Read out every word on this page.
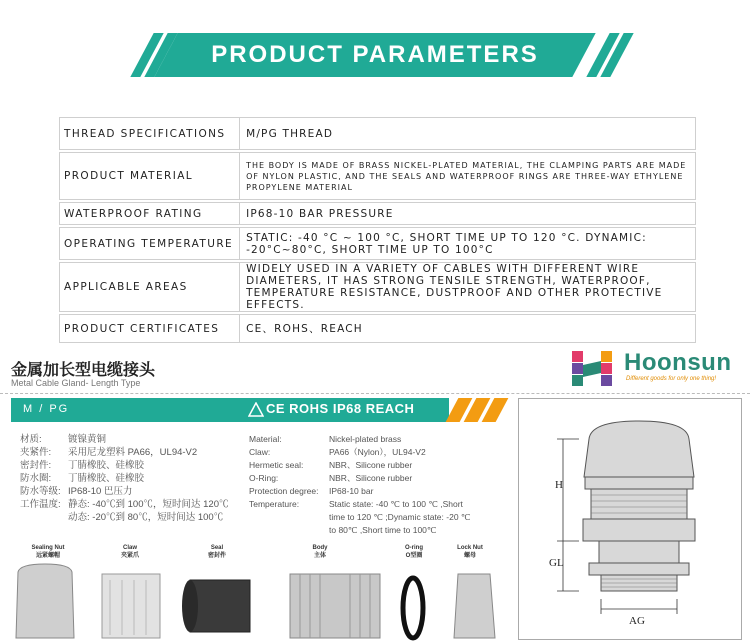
PRODUCT PARAMETERS
THREAD SPECIFICATIONS	M/PG THREAD

PRODUCT MATERIAL	THE BODY IS MADE OF BRASS NICKEL-PLATED MATERIAL, THE CLAMPING PARTS ARE MADE OF NYLON PLASTIC, AND THE SEALS AND WATERPROOF RINGS ARE THREE-WAY ETHYLENE PROPYLENE MATERIAL

WATERPROOF RATING	IP68-10 BAR PRESSURE

OPERATING TEMPERATURE	STATIC: -40 °C ~ 100 °C, SHORT TIME UP TO 120 °C. DYNAMIC: -20°C~80°C, SHORT TIME UP TO 100°C

APPLICABLE AREAS	WIDELY USED IN A VARIETY OF CABLES WITH DIFFERENT WIRE DIAMETERS, IT HAS STRONG TENSILE STRENGTH, WATERPROOF, TEMPERATURE RESISTANCE, DUSTPROOF AND OTHER PROTECTIVE EFFECTS.

PRODUCT CERTIFICATES	CE、ROHS、REACH
金属加长型电缆接头
Metal Cable Gland- Length Type
Hoonsun
Different goods for only one thing!
M / PG	CE ROHS IP68 REACH
材质:	镀镍黄铜
夹紧件: 采用尼龙塑料 PA66，UL94-V2
密封件: 丁腈橡胶、硅橡胶
防水圈: 丁腈橡胶、硅橡胶
防水等级: IP68-10 巴压力
工作温度: 静态: -40℃到 100℃，短时间达 120℃
动态: -20℃到 80℃，短时间达 100℃
Material:	Nickel-plated brass
Claw:	PA66（Nylon），UL94-V2
Hermetic seal:	NBR、Silicone rubber
O-Ring:	NBR、Silicone rubber
Protection degree: IP68-10 bar
Temperature:	Static state: -40 ℃ to 100 ℃ ,Short
time to 120 ℃ ;Dynamic state: -20 ℃
to 80℃ ,Short time to 100℃
H
GL
AG
Sealing Nut
远紧螺帽
Claw
夹紧爪
Seal
密封件
Body
主体
O-ring
O型圈
Lock Nut
螺母
